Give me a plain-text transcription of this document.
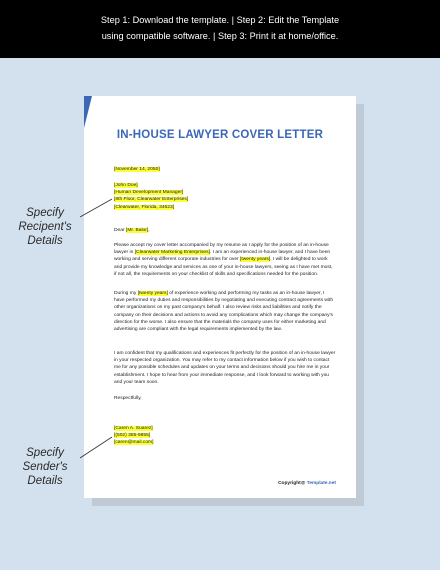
Step 1: Download the template. | Step 2: Edit the Template
using compatible software. | Step 3: Print it at home/office.
IN-HOUSE LAWYER COVER LETTER
[November 14, 2050]
[John Doe]
[Human Development Manager]
[8th Floor, Clearwater Enterprises]
[Clearwater, Florida, 34623]
Dear [Mr. Balor],

Please accept my cover letter accompanied by my resume as I apply for the position of an in-house lawyer in [Clearwater Marketing Enterprises]. I am an experienced in-house lawyer, and I have been working and serving different corporate industries for over [twenty years]. I will be delighted to work and provide my knowledge and services as one of your in-house lawyers, seeing as I have met most, if not all, the requirements on your checklist of skills and specifications needed for the position.

During my [twenty years] of experience working and performing my tasks as an in-house lawyer, I have performed my duties and responsibilities by negotiating and executing contract agreements with other organizations on my past company's behalf. I also review risks and liabilities and notify the company on their decisions and actions to avoid any complications which may change the company's direction for the worse. I also ensure that the materials the company uses for either marketing and advertising are compliant with the legal requirements implemented by the law.

I am confident that my qualifications and experiences fit perfectly for the position of an in-house lawyer in your respected organization. You may refer to my contact information below if you wish to contact me for any possible schedules and updates on your terms and decisions should you hire me in your establishment. I hope to hear from your immediate response, and I look forward to working with you and your team soon.

Respectfully,
[Caren A. Suarez]
[(502) 385-9855]
[caren@mail.com]
Copyright@ Template.net
Specify
Recipent's
Details
Specify
Sender's
Details
